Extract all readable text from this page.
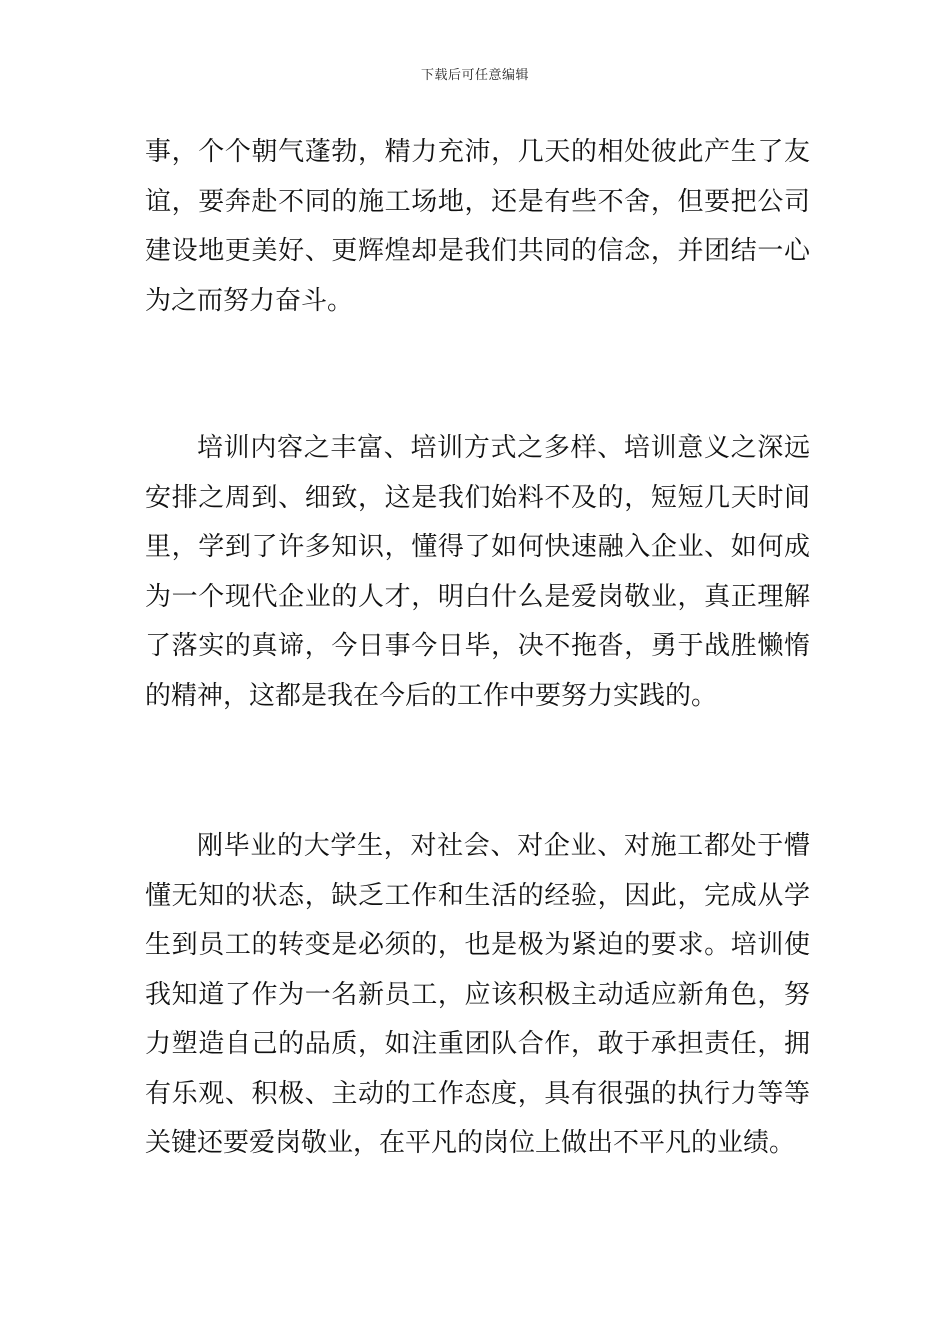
下载后可任意编辑

事，个个朝气蓬勃，精力充沛，几天的相处彼此产生了友
谊，要奔赴不同的施工场地，还是有些不舍，但要把公司
建设地更美好、更辉煌却是我们共同的信念，并团结一心
为之而努力奋斗。

培训内容之丰富、培训方式之多样、培训意义之深远
安排之周到、细致，这是我们始料不及的，短短几天时间
里，学到了许多知识，懂得了如何快速融入企业、如何成
为一个现代企业的人才，明白什么是爱岗敬业，真正理解
了落实的真谛，今日事今日毕，决不拖沓，勇于战胜懒惰
的精神，这都是我在今后的工作中要努力实践的。

刚毕业的大学生，对社会、对企业、对施工都处于懵
懂无知的状态，缺乏工作和生活的经验，因此，完成从学
生到员工的转变是必须的，也是极为紧迫的要求。培训使
我知道了作为一名新员工，应该积极主动适应新角色，努
力塑造自己的品质，如注重团队合作，敢于承担责任，拥
有乐观、积极、主动的工作态度，具有很强的执行力等等
关键还要爱岗敬业，在平凡的岗位上做出不平凡的业绩。
